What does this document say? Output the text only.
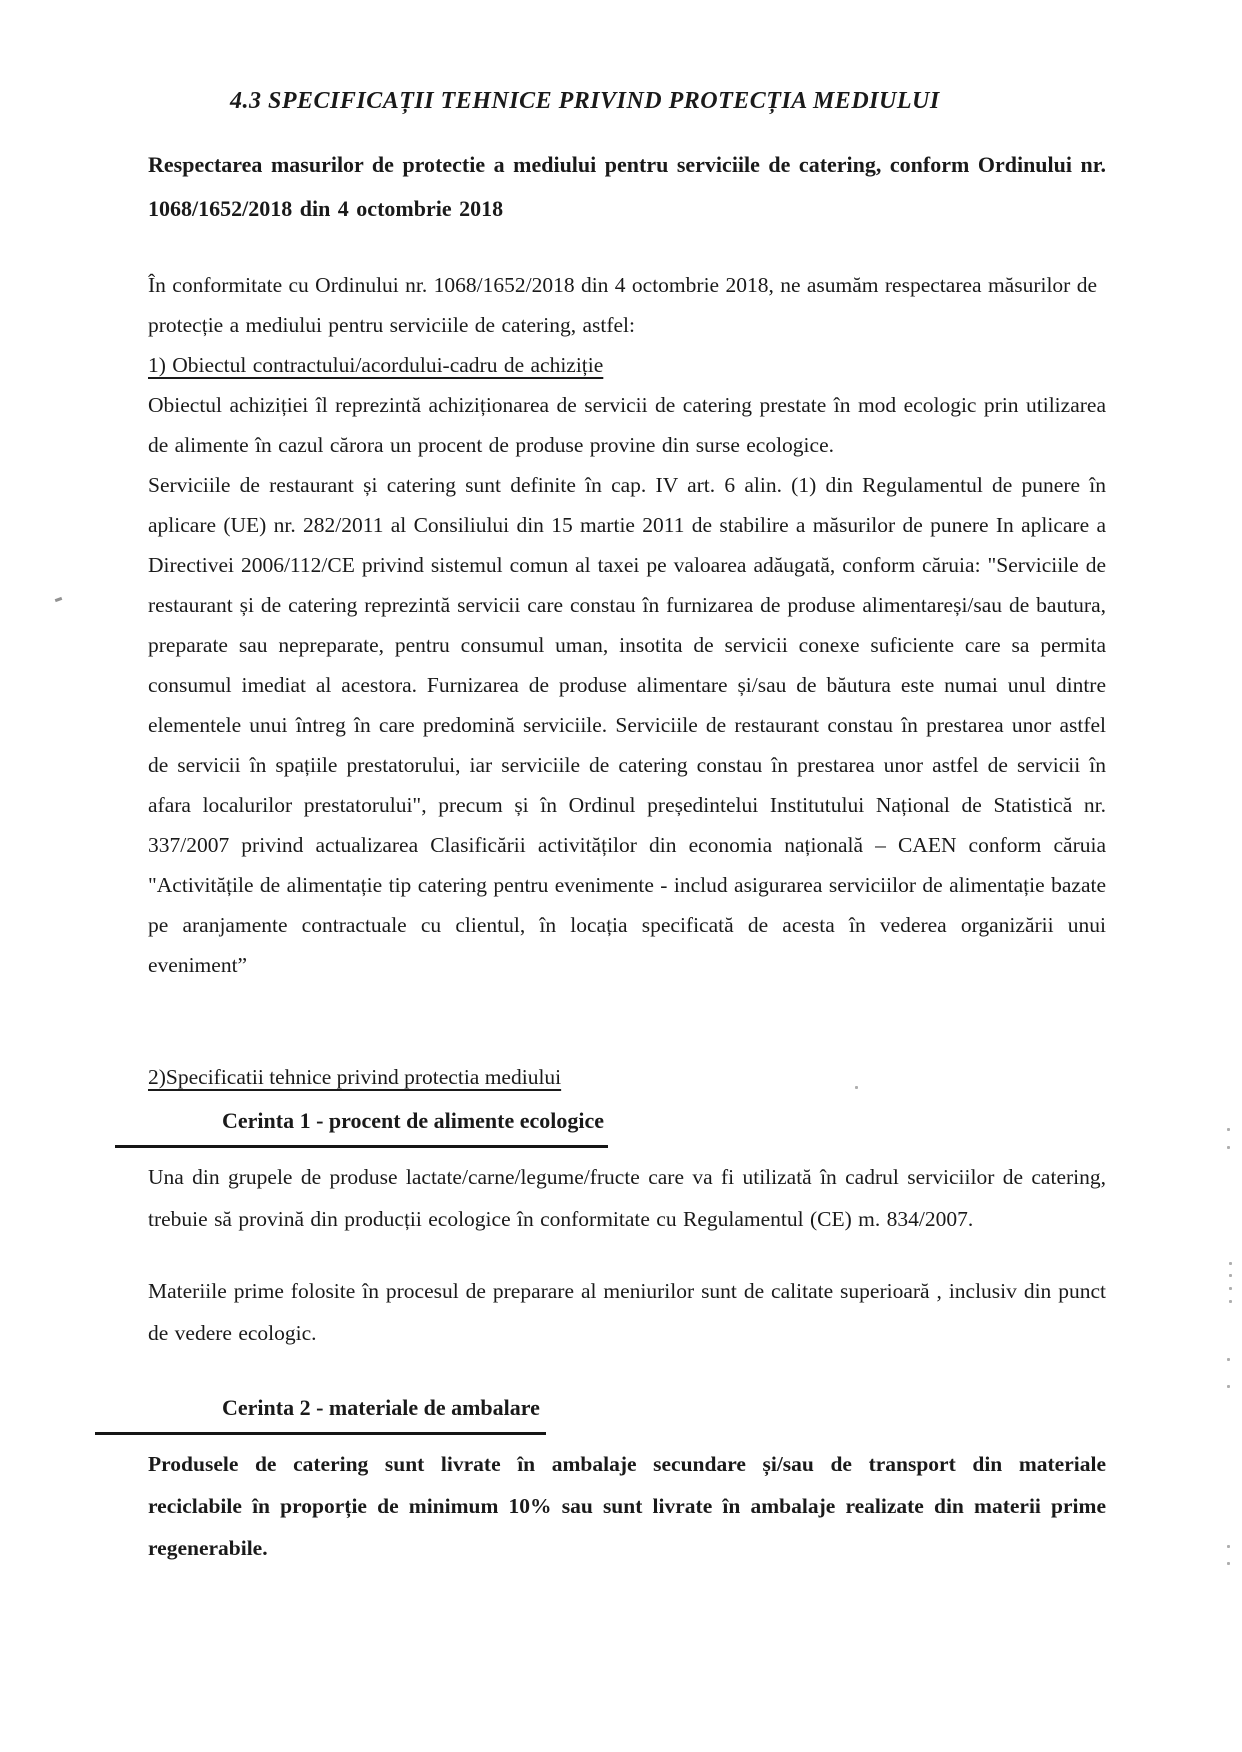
4.3 SPECIFICAȚII TEHNICE PRIVIND PROTECȚIA MEDIULUI

Respectarea masurilor de protectie a mediului pentru serviciile de catering, conform Ordinului nr. 1068/1652/2018 din 4 octombrie 2018

În conformitate cu Ordinului nr. 1068/1652/2018 din 4 octombrie 2018, ne asumăm respectarea măsurilor de protecție a mediului pentru serviciile de catering, astfel:

1) Obiectul contractului/acordului-cadru de achiziție

Obiectul achiziției îl reprezintă achiziționarea de servicii de catering prestate în mod ecologic prin utilizarea de alimente în cazul cărora un procent de produse provine din surse ecologice.

Serviciile de restaurant și catering sunt definite în cap. IV art. 6 alin. (1) din Regulamentul de punere în aplicare (UE) nr. 282/2011 al Consiliului din 15 martie 2011 de stabilire a măsurilor de punere In aplicare a Directivei 2006/112/CE privind sistemul comun al taxei pe valoarea adăugată, conform căruia: "Serviciile de restaurant și de catering reprezintă servicii care constau în furnizarea de produse alimentareși/sau de bautura, preparate sau nepreparate, pentru consumul uman, insotita de servicii conexe suficiente care sa permita consumul imediat al acestora. Furnizarea de produse alimentare și/sau de băutura este numai unul dintre elementele unui întreg în care predomină serviciile. Serviciile de restaurant constau în prestarea unor astfel de servicii în spațiile prestatorului, iar serviciile de catering constau în prestarea unor astfel de servicii în afara localurilor prestatorului", precum și în Ordinul președintelui Institutului Național de Statistică nr. 337/2007 privind actualizarea Clasificării activităților din economia națională – CAEN conform căruia "Activitățile de alimentație tip catering pentru evenimente - includ asigurarea serviciilor de alimentație bazate pe aranjamente contractuale cu clientul, în locația specificată de acesta în vederea organizării unui eveniment”

2)Specificatii tehnice privind protectia mediului

Cerinta 1 - procent de alimente ecologice

Una din grupele de produse lactate/carne/legume/fructe care va fi utilizată în cadrul serviciilor de catering, trebuie să provină din producții ecologice în conformitate cu Regulamentul (CE) m. 834/2007.

Materiile prime folosite în procesul de preparare al meniurilor sunt de calitate superioară , inclusiv din punct de vedere ecologic.

Cerinta 2 - materiale de ambalare

Produsele de catering sunt livrate în ambalaje secundare și/sau de transport din materiale reciclabile în proporție de minimum 10% sau sunt livrate în ambalaje realizate din materii prime regenerabile.
